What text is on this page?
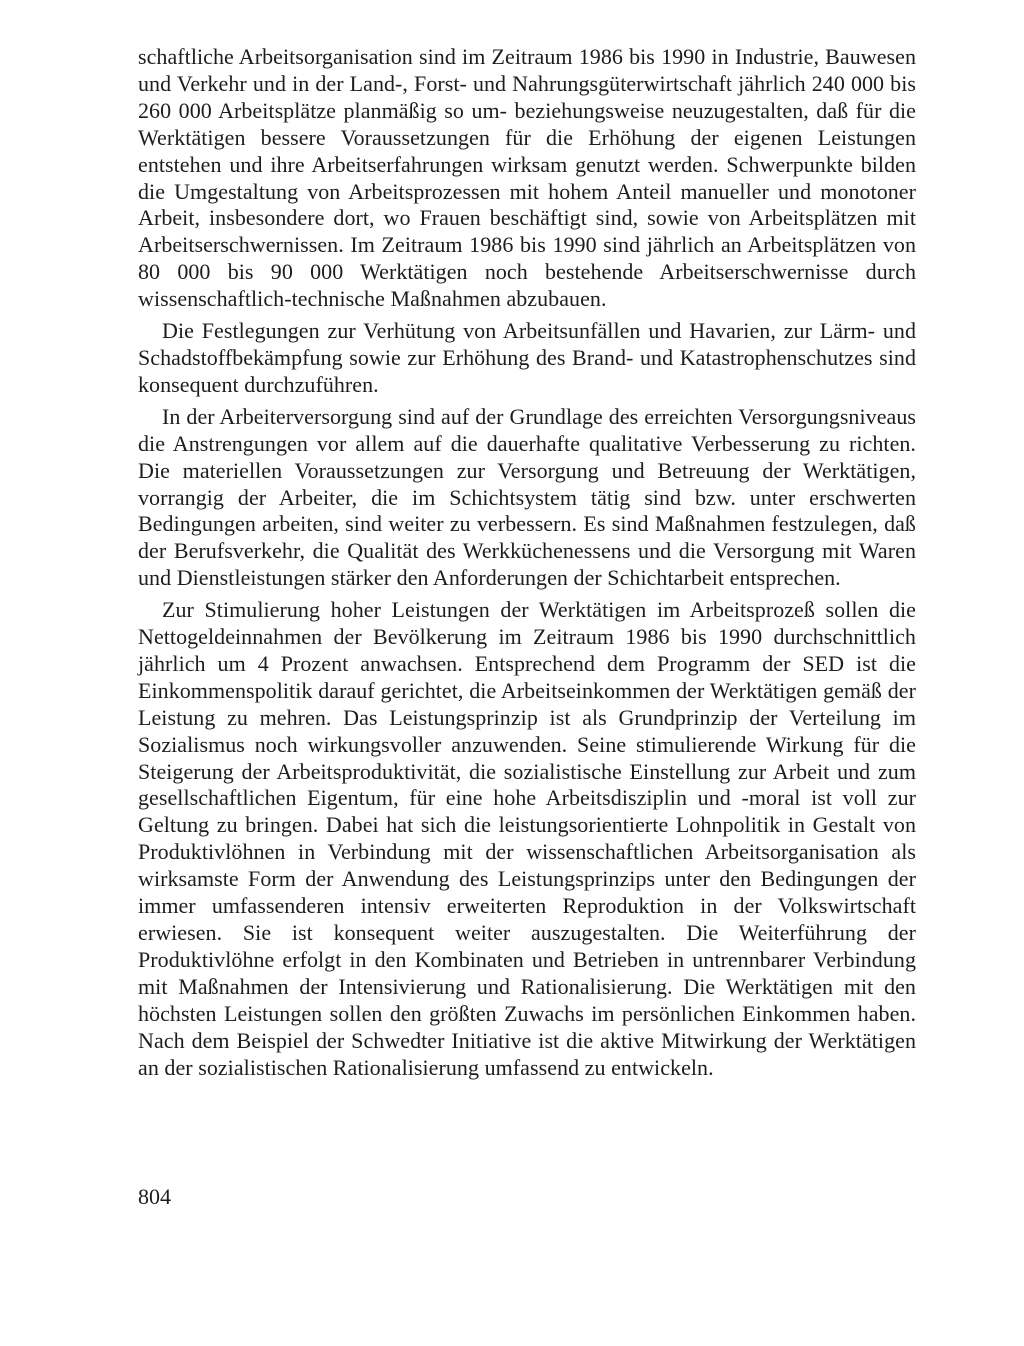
schaftliche Arbeitsorganisation sind im Zeitraum 1986 bis 1990 in Industrie, Bauwesen und Verkehr und in der Land-, Forst- und Nahrungsgüterwirtschaft jährlich 240 000 bis 260 000 Arbeitsplätze planmäßig so um- beziehungsweise neuzugestalten, daß für die Werktätigen bessere Voraussetzungen für die Erhöhung der eigenen Leistungen entstehen und ihre Arbeitserfahrungen wirksam genutzt werden. Schwerpunkte bilden die Umgestaltung von Arbeitsprozessen mit hohem Anteil manueller und monotoner Arbeit, insbesondere dort, wo Frauen beschäftigt sind, sowie von Arbeitsplätzen mit Arbeitserschwernissen. Im Zeitraum 1986 bis 1990 sind jährlich an Arbeitsplätzen von 80 000 bis 90 000 Werktätigen noch bestehende Arbeitserschwernisse durch wissenschaftlich-technische Maßnahmen abzubauen.

Die Festlegungen zur Verhütung von Arbeitsunfällen und Havarien, zur Lärm- und Schadstoffbekämpfung sowie zur Erhöhung des Brand- und Katastrophenschutzes sind konsequent durchzuführen.

In der Arbeiterversorgung sind auf der Grundlage des erreichten Versorgungsniveaus die Anstrengungen vor allem auf die dauerhafte qualitative Verbesserung zu richten. Die materiellen Voraussetzungen zur Versorgung und Betreuung der Werktätigen, vorrangig der Arbeiter, die im Schichtsystem tätig sind bzw. unter erschwerten Bedingungen arbeiten, sind weiter zu verbessern. Es sind Maßnahmen festzulegen, daß der Berufsverkehr, die Qualität des Werkküchenessens und die Versorgung mit Waren und Dienstleistungen stärker den Anforderungen der Schichtarbeit entsprechen.

Zur Stimulierung hoher Leistungen der Werktätigen im Arbeitsprozeß sollen die Nettogeldeinnahmen der Bevölkerung im Zeitraum 1986 bis 1990 durchschnittlich jährlich um 4 Prozent anwachsen. Entsprechend dem Programm der SED ist die Einkommenspolitik darauf gerichtet, die Arbeitseinkommen der Werktätigen gemäß der Leistung zu mehren. Das Leistungsprinzip ist als Grundprinzip der Verteilung im Sozialismus noch wirkungsvoller anzuwenden. Seine stimulierende Wirkung für die Steigerung der Arbeitsproduktivität, die sozialistische Einstellung zur Arbeit und zum gesellschaftlichen Eigentum, für eine hohe Arbeitsdisziplin und -moral ist voll zur Geltung zu bringen. Dabei hat sich die leistungsorientierte Lohnpolitik in Gestalt von Produktivlöhnen in Verbindung mit der wissenschaftlichen Arbeitsorganisation als wirksamste Form der Anwendung des Leistungsprinzips unter den Bedingungen der immer umfassenderen intensiv erweiterten Reproduktion in der Volkswirtschaft erwiesen. Sie ist konsequent weiter auszugestalten. Die Weiterführung der Produktivlöhne erfolgt in den Kombinaten und Betrieben in untrennbarer Verbindung mit Maßnahmen der Intensivierung und Rationalisierung. Die Werktätigen mit den höchsten Leistungen sollen den größten Zuwachs im persönlichen Einkommen haben. Nach dem Beispiel der Schwedter Initiative ist die aktive Mitwirkung der Werktätigen an der sozialistischen Rationalisierung umfassend zu entwickeln.

804
